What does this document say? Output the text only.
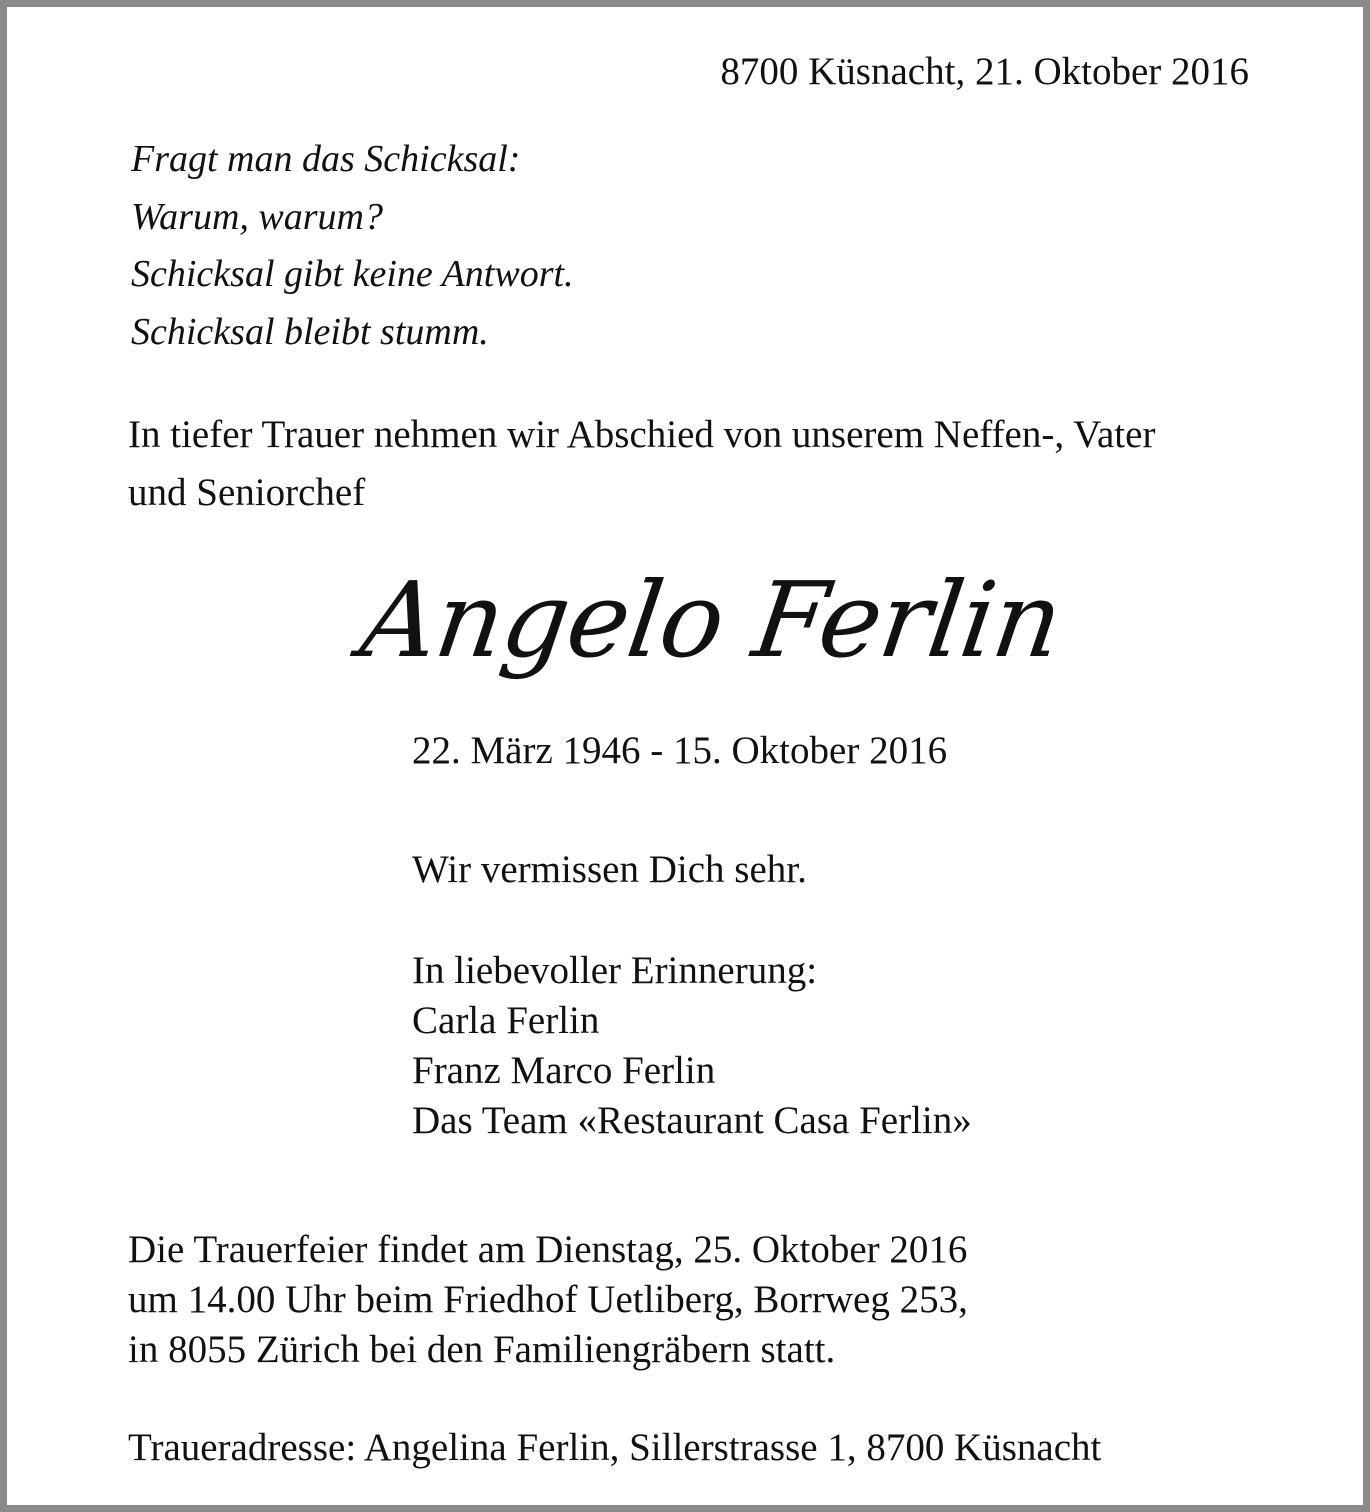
8700 Küsnacht, 21. Oktober 2016
Fragt man das Schicksal:
Warum, warum?
Schicksal gibt keine Antwort.
Schicksal bleibt stumm.
In tiefer Trauer nehmen wir Abschied von unserem Neffen-, Vater
und Seniorchef
Angelo Ferlin
22. März 1946 - 15. Oktober 2016
Wir vermissen Dich sehr.
In liebevoller Erinnerung:
Carla Ferlin
Franz Marco Ferlin
Das Team «Restaurant Casa Ferlin»
Die Trauerfeier findet am Dienstag, 25. Oktober 2016
um 14.00 Uhr beim Friedhof Uetliberg, Borrweg 253,
in 8055 Zürich bei den Familiengräbern statt.
Traueradresse: Angelina Ferlin, Sillerstrasse 1, 8700 Küsnacht
